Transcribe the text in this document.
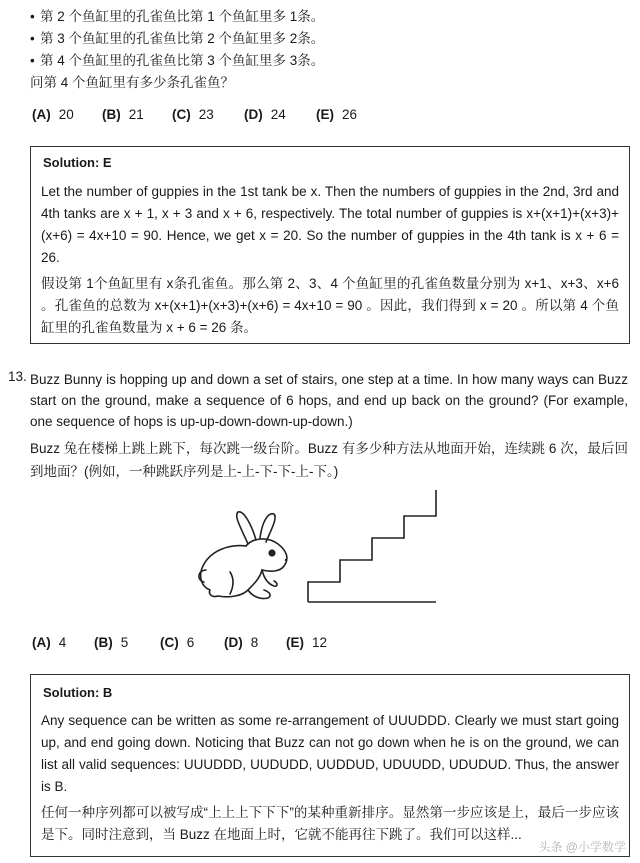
• 第 2 个鱼缸里的孔雀鱼比第 1 个鱼缸里多 1条。
• 第 3 个鱼缸里的孔雀鱼比第 2 个鱼缸里多 2条。
• 第 4 个鱼缸里的孔雀鱼比第 3 个鱼缸里多 3条。
问第 4 个鱼缸里有多少条孔雀鱼？
(A) 20 (B) 21 (C) 23 (D) 24 (E) 26
Solution: E
Let the number of guppies in the 1st tank be x. Then the numbers of guppies in the 2nd, 3rd and 4th tanks are x + 1, x + 3 and x + 6, respectively. The total number of guppies is x+(x+1)+(x+3)+(x+6) = 4x+10 = 90. Hence, we get x = 20. So the number of guppies in the 4th tank is x + 6 = 26.
假设第 1个鱼缸里有 x条孔雀鱼。那么第 2、3、4 个鱼缸里的孔雀鱼数量分别为 x+1、x+3、x+6 。孔雀鱼的总数为 x+(x+1)+(x+3)+(x+6) = 4x+10 = 90 。因此，我们得到 x = 20 。所以第 4 个鱼缸里的孔雀鱼数量为 x + 6 = 26 条。
13. Buzz Bunny is hopping up and down a set of stairs, one step at a time. In how many ways can Buzz start on the ground, make a sequence of 6 hops, and end up back on the ground? (For example, one sequence of hops is up-up-down-down-up-down.)
Buzz 兔在楼梯上跳上跳下，每次跳一级台阶。Buzz 有多少种方法从地面开始，连续跳 6 次，最后回到地面？(例如，一种跳跃序列是上-上-下-下-上-下。)
(A) 4 (B) 5 (C) 6 (D) 8 (E) 12
Solution: B
Any sequence can be written as some re-arrangement of UUUDDD. Clearly we must start going up, and end going down. Noticing that Buzz can not go down when he is on the ground, we can list all valid sequences: UUUDDD, UUDUDD, UUDDUD, UDUUDD, UDUDUD. Thus, the answer is B.
任何一种序列都可以被写成“上上上下下下”的某种重新排序。显然第一步应该是上，最后一步应该是下。同时注意到，当 Buzz 在地面上时，它就不能再往下跳了。我们可以这样...
头条 @小学数学
